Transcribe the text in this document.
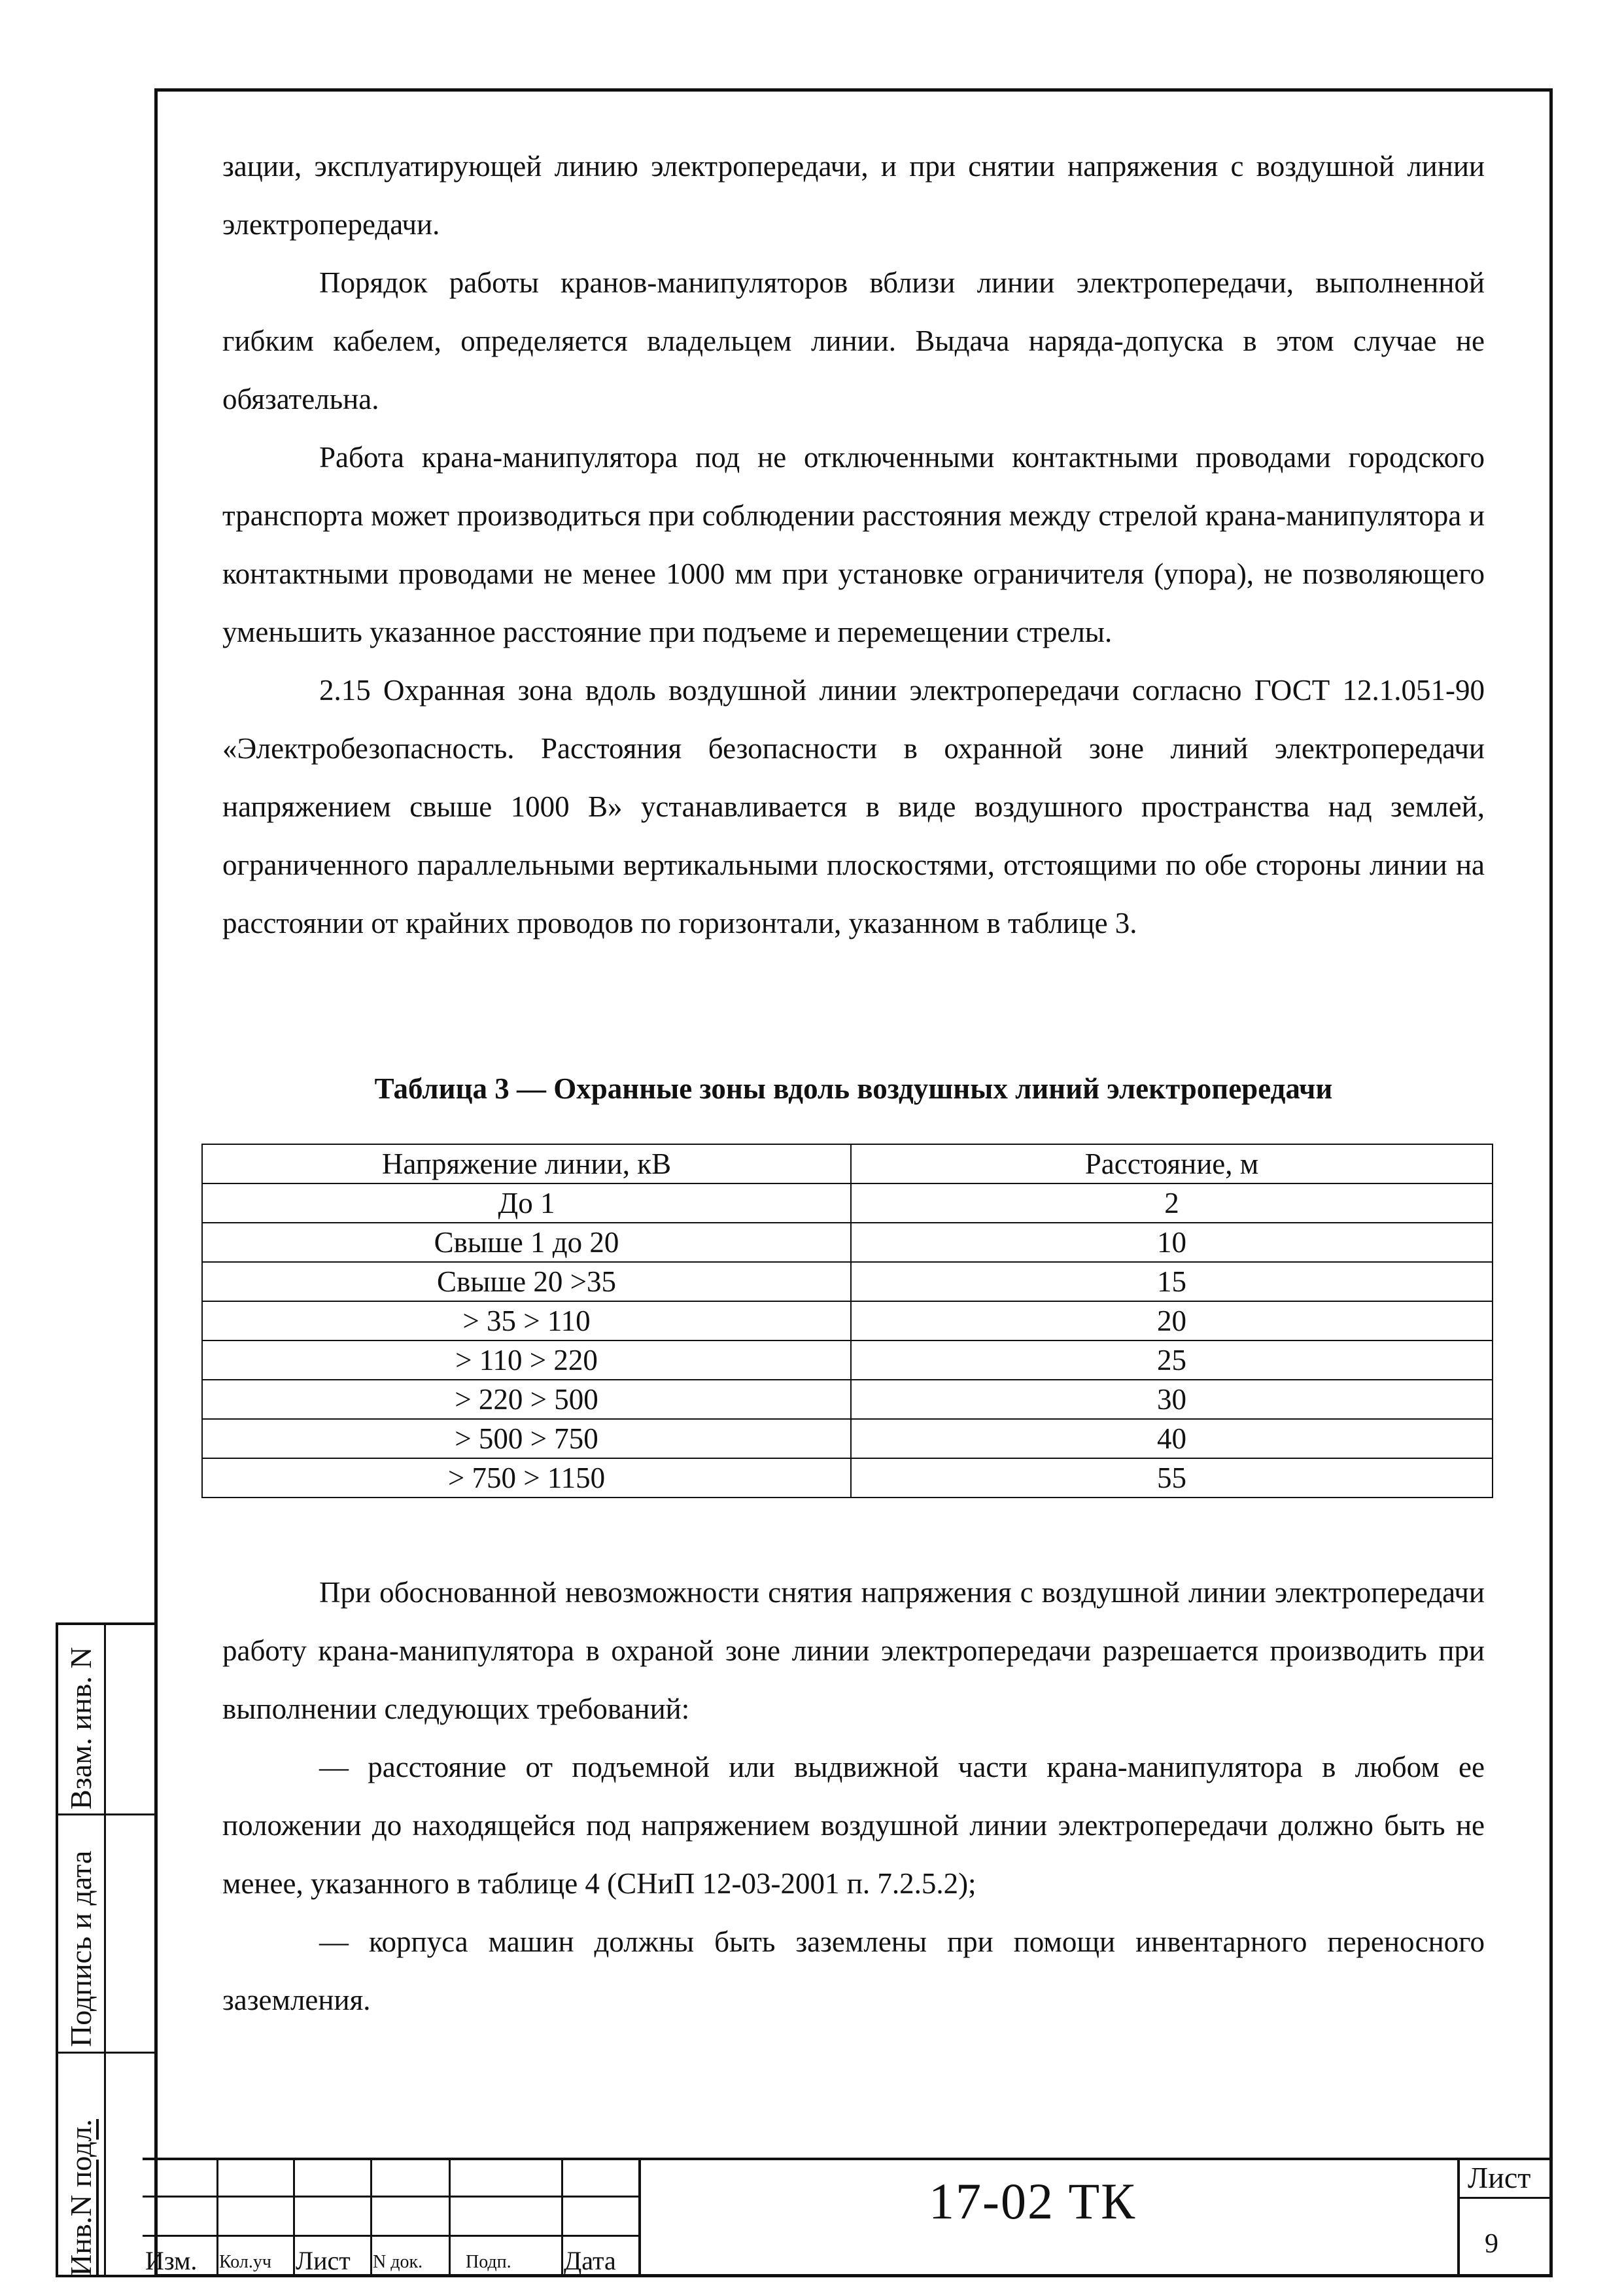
зации, эксплуатирующей линию электропередачи, и при снятии напряжения с воздушной линии электропередачи.

Порядок работы кранов-манипуляторов вблизи линии электропередачи, выполненной гибким кабелем, определяется владельцем линии. Выдача наряда-допуска в этом случае не обязательна.

Работа крана-манипулятора под не отключенными контактными проводами городского транспорта может производиться при соблюдении расстояния между стрелой крана-манипулятора и контактными проводами не менее 1000 мм при установке ограничителя (упора), не позволяющего уменьшить указанное расстояние при подъеме и перемещении стрелы.

2.15 Охранная зона вдоль воздушной линии электропередачи согласно ГОСТ 12.1.051-90 «Электробезопасность. Расстояния безопасности в охранной зоне линий электропередачи напряжением свыше 1000 В» устанавливается в виде воздушного пространства над землей, ограниченного параллельными вертикальными плоскостями, отстоящими по обе стороны линии на расстоянии от крайних проводов по горизонтали, указанном в таблице 3.

Таблица 3 — Охранные зоны вдоль воздушных линий электропередачи
Напряжение линии, кВ	Расстояние, м
До 1	2
Свыше 1 до 20	10
Свыше 20 >35	15
> 35 > 110	20
> 110 > 220	25
> 220 > 500	30
> 500 > 750	40
> 750 > 1150	55

При обоснованной невозможности снятия напряжения с воздушной линии электропередачи работу крана-манипулятора в охраной зоне линии электропередачи разрешается производить при выполнении следующих требований:

— расстояние от подъемной или выдвижной части крана-манипулятора в любом ее положении до находящейся под напряжением воздушной линии электропередачи должно быть не менее, указанного в таблице 4 (СНиП 12-03-2001 п. 7.2.5.2);

— корпуса машин должны быть заземлены при помощи инвентарного переносного заземления.

Взам. инв. N
Подпись и дата
Инв.N подл. Изм. Кол.уч Лист N док. Подп. Дата
17-02 ТК	Лист
9
